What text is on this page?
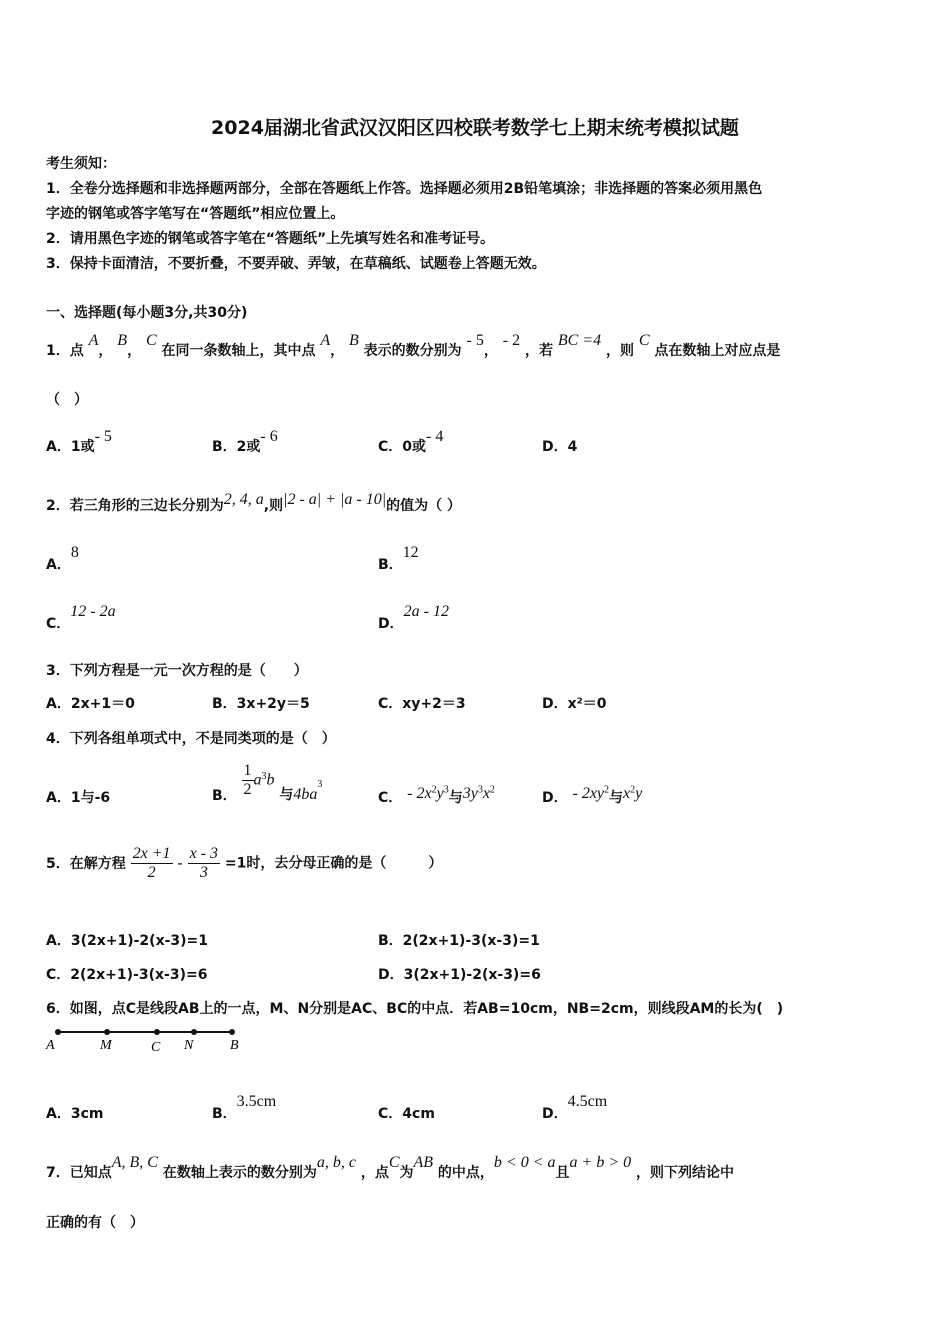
2024届湖北省武汉汉阳区四校联考数学七上期末统考模拟试题
考生须知：
1．全卷分选择题和非选择题两部分，全部在答题纸上作答。选择题必须用2B铅笔填涂；非选择题的答案必须用黑色
字迹的钢笔或答字笔写在“答题纸”相应位置上。
2．请用黑色字迹的钢笔或答字笔在“答题纸”上先填写姓名和准考证号。
3．保持卡面清洁，不要折叠，不要弄破、弄皱，在草稿纸、试题卷上答题无效。
一、选择题(每小题3分,共30分)
1．点 A， B， C 在同一条数轴上，其中点 A， B 表示的数分别为 - 5， - 2 ，若 BC =4 ，则 C 点在数轴上对应点是
（　）
A．1或- 5
B．2或- 6
C．0或- 4
D．4
2．若三角形的三边长分别为2, 4, a,则|2 - a| + |a - 10|的值为（ ）
A．8
B．12
C．12 - 2a
D．2a - 12
3．下列方程是一元一次方程的是（　　）
A．2x+1＝0	B．3x+2y＝5	C．xy+2＝3	D．x²＝0
4．下列各组单项式中，不是同类项的是（　）
A．1与-6	B． $\frac{1}{2} a^3b$ 与$4ba^3$
C． - $2x^2y^3$与$3y^3x^2$
D． - $2xy^2$与$x^2y$
5．在解方程 $\frac{2x +1}{2} - \frac{x - 3}{3} =1$时，去分母正确的是（　　　）
A．3(2x+1)-2(x-3)=1	B．2(2x+1)-3(x-3)=1
C．2(2x+1)-3(x-3)=6	D．3(2x+1)-2(x-3)=6
6．如图，点C是线段AB上的一点，M、N分别是AC、BC的中点．若AB=10cm，NB=2cm，则线段AM的长为(　)
A	M	C N	B
A．3cm	B．3.5cm
C．4cm	D．4.5cm
7．已知点A, B, C 在数轴上表示的数分别为a, b, c ，点C为AB 的中点，b < 0 < a且a + b > 0 ，则下列结论中
正确的有（　）
